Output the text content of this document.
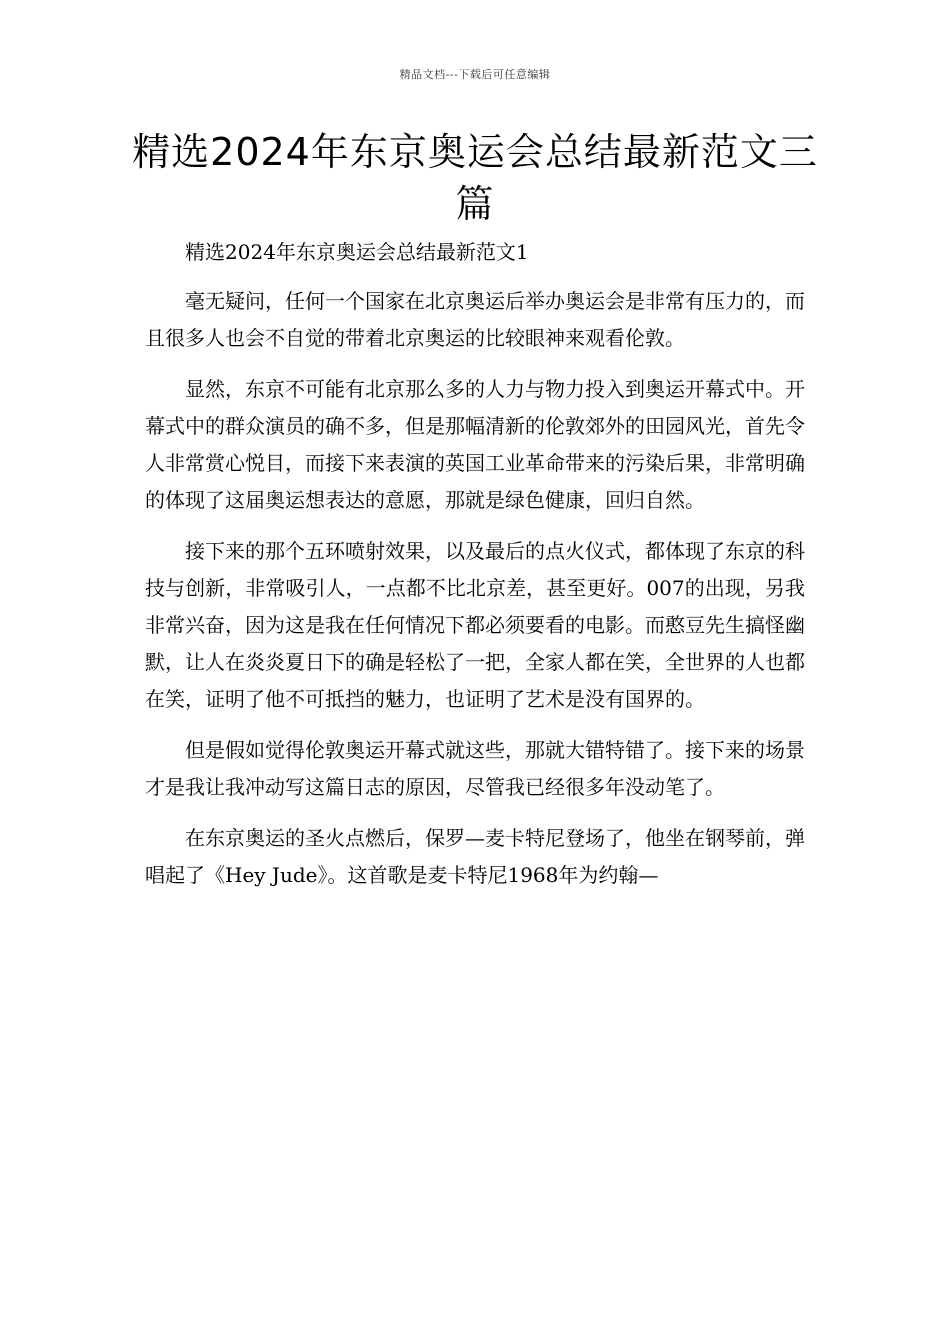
精品文档---下载后可任意编辑
精选2024年东京奥运会总结最新范文三篇

精选2024年东京奥运会总结最新范文1

毫无疑问，任何一个国家在北京奥运后举办奥运会是非常有压力的，而且很多人也会不自觉的带着北京奥运的比较眼神来观看伦敦。

显然，东京不可能有北京那么多的人力与物力投入到奥运开幕式中。开幕式中的群众演员的确不多，但是那幅清新的伦敦郊外的田园风光，首先令人非常赏心悦目，而接下来表演的英国工业革命带来的污染后果，非常明确的体现了这届奥运想表达的意愿，那就是绿色健康，回归自然。

接下来的那个五环喷射效果，以及最后的点火仪式，都体现了东京的科技与创新，非常吸引人，一点都不比北京差，甚至更好。007的出现，另我非常兴奋，因为这是我在任何情况下都必须要看的电影。而憨豆先生搞怪幽默，让人在炎炎夏日下的确是轻松了一把，全家人都在笑，全世界的人也都在笑，证明了他不可抵挡的魅力，也证明了艺术是没有国界的。

但是假如觉得伦敦奥运开幕式就这些，那就大错特错了。接下来的场景才是我让我冲动写这篇日志的原因，尽管我已经很多年没动笔了。

在东京奥运的圣火点燃后，保罗—麦卡特尼登场了，他坐在钢琴前，弹唱起了《Hey Jude》。这首歌是麦卡特尼1968年为约翰—
